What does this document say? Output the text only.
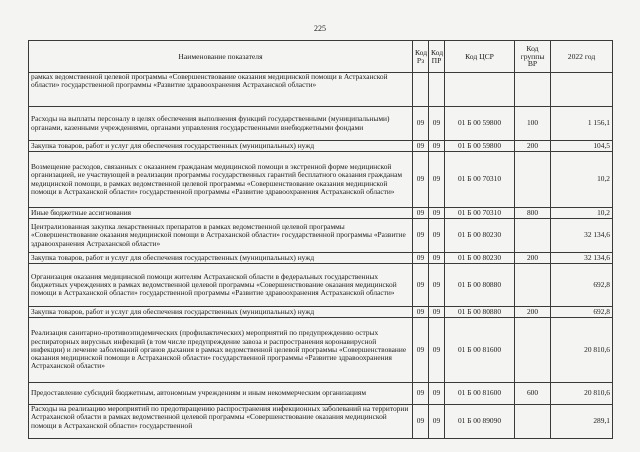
225
Наименование показателя	Код Рз	Код ПР	Код ЦСР	Код группы ВР	2022 год
рамках ведомственной целевой программы «Совершенствование оказания медицинской помощи в Астраханской области» государственной программы «Развитие здравоохранения Астраханской области»					
Расходы на выплаты персоналу в целях обеспечения выполнения функций государственными (муниципальными) органами, казенными учреждениями, органами управления государственными внебюджетными фондами	09	09	01 Б 00 59800	100	1 156,1
Закупка товаров, работ и услуг для обеспечения государственных (муниципальных) нужд	09	09	01 Б 00 59800	200	104,5
Возмещение расходов, связанных с оказанием гражданам медицинской помощи в экстренной форме медицинской организацией, не участвующей в реализации программы государственных гарантий бесплатного оказания гражданам медицинской помощи, в рамках ведомственной целевой программы «Совершенствование оказания медицинской помощи в Астраханской области» государственной программы «Развитие здравоохранения Астраханской области»	09	09	01 Б 00 70310		10,2
Иные бюджетные ассигнования	09	09	01 Б 00 70310	800	10,2
Централизованная закупка лекарственных препаратов в рамках ведомственной целевой программы «Совершенствование оказания медицинской помощи в Астраханской области» государственной программы «Развитие здравоохранения Астраханской области»	09	09	01 Б 00 80230		32 134,6
Закупка товаров, работ и услуг для обеспечения государственных (муниципальных) нужд	09	09	01 Б 00 80230	200	32 134,6
Организация оказания медицинской помощи жителям Астраханской области в федеральных государственных бюджетных учреждениях в рамках ведомственной целевой программы «Совершенствование оказания медицинской помощи в Астраханской области» государственной программы «Развитие здравоохранения Астраханской области»	09	09	01 Б 00 80880		692,8
Закупка товаров, работ и услуг для обеспечения государственных (муниципальных) нужд	09	09	01 Б 00 80880	200	692,8
Реализация санитарно-противоэпидемических (профилактических) мероприятий по предупреждению острых респираторных вирусных инфекций (в том числе предупреждение завоза и распространения коронавирусной инфекции) и лечение заболеваний органов дыхания в рамках ведомственной целевой программы «Совершенствование оказания медицинской помощи в Астраханской области» государственной программы «Развитие здравоохранения Астраханской области»	09	09	01 Б 00 81600		20 810,6
Предоставление субсидий бюджетным, автономным учреждениям и иным некоммерческим организациям	09	09	01 Б 00 81600	600	20 810,6
Расходы на реализацию мероприятий по предотвращению распространения инфекционных заболеваний на территории Астраханской области в рамках ведомственной целевой программы «Совершенствование оказания медицинской помощи в Астраханской области» государственной	09	09	01 Б 00 89090		289,1
